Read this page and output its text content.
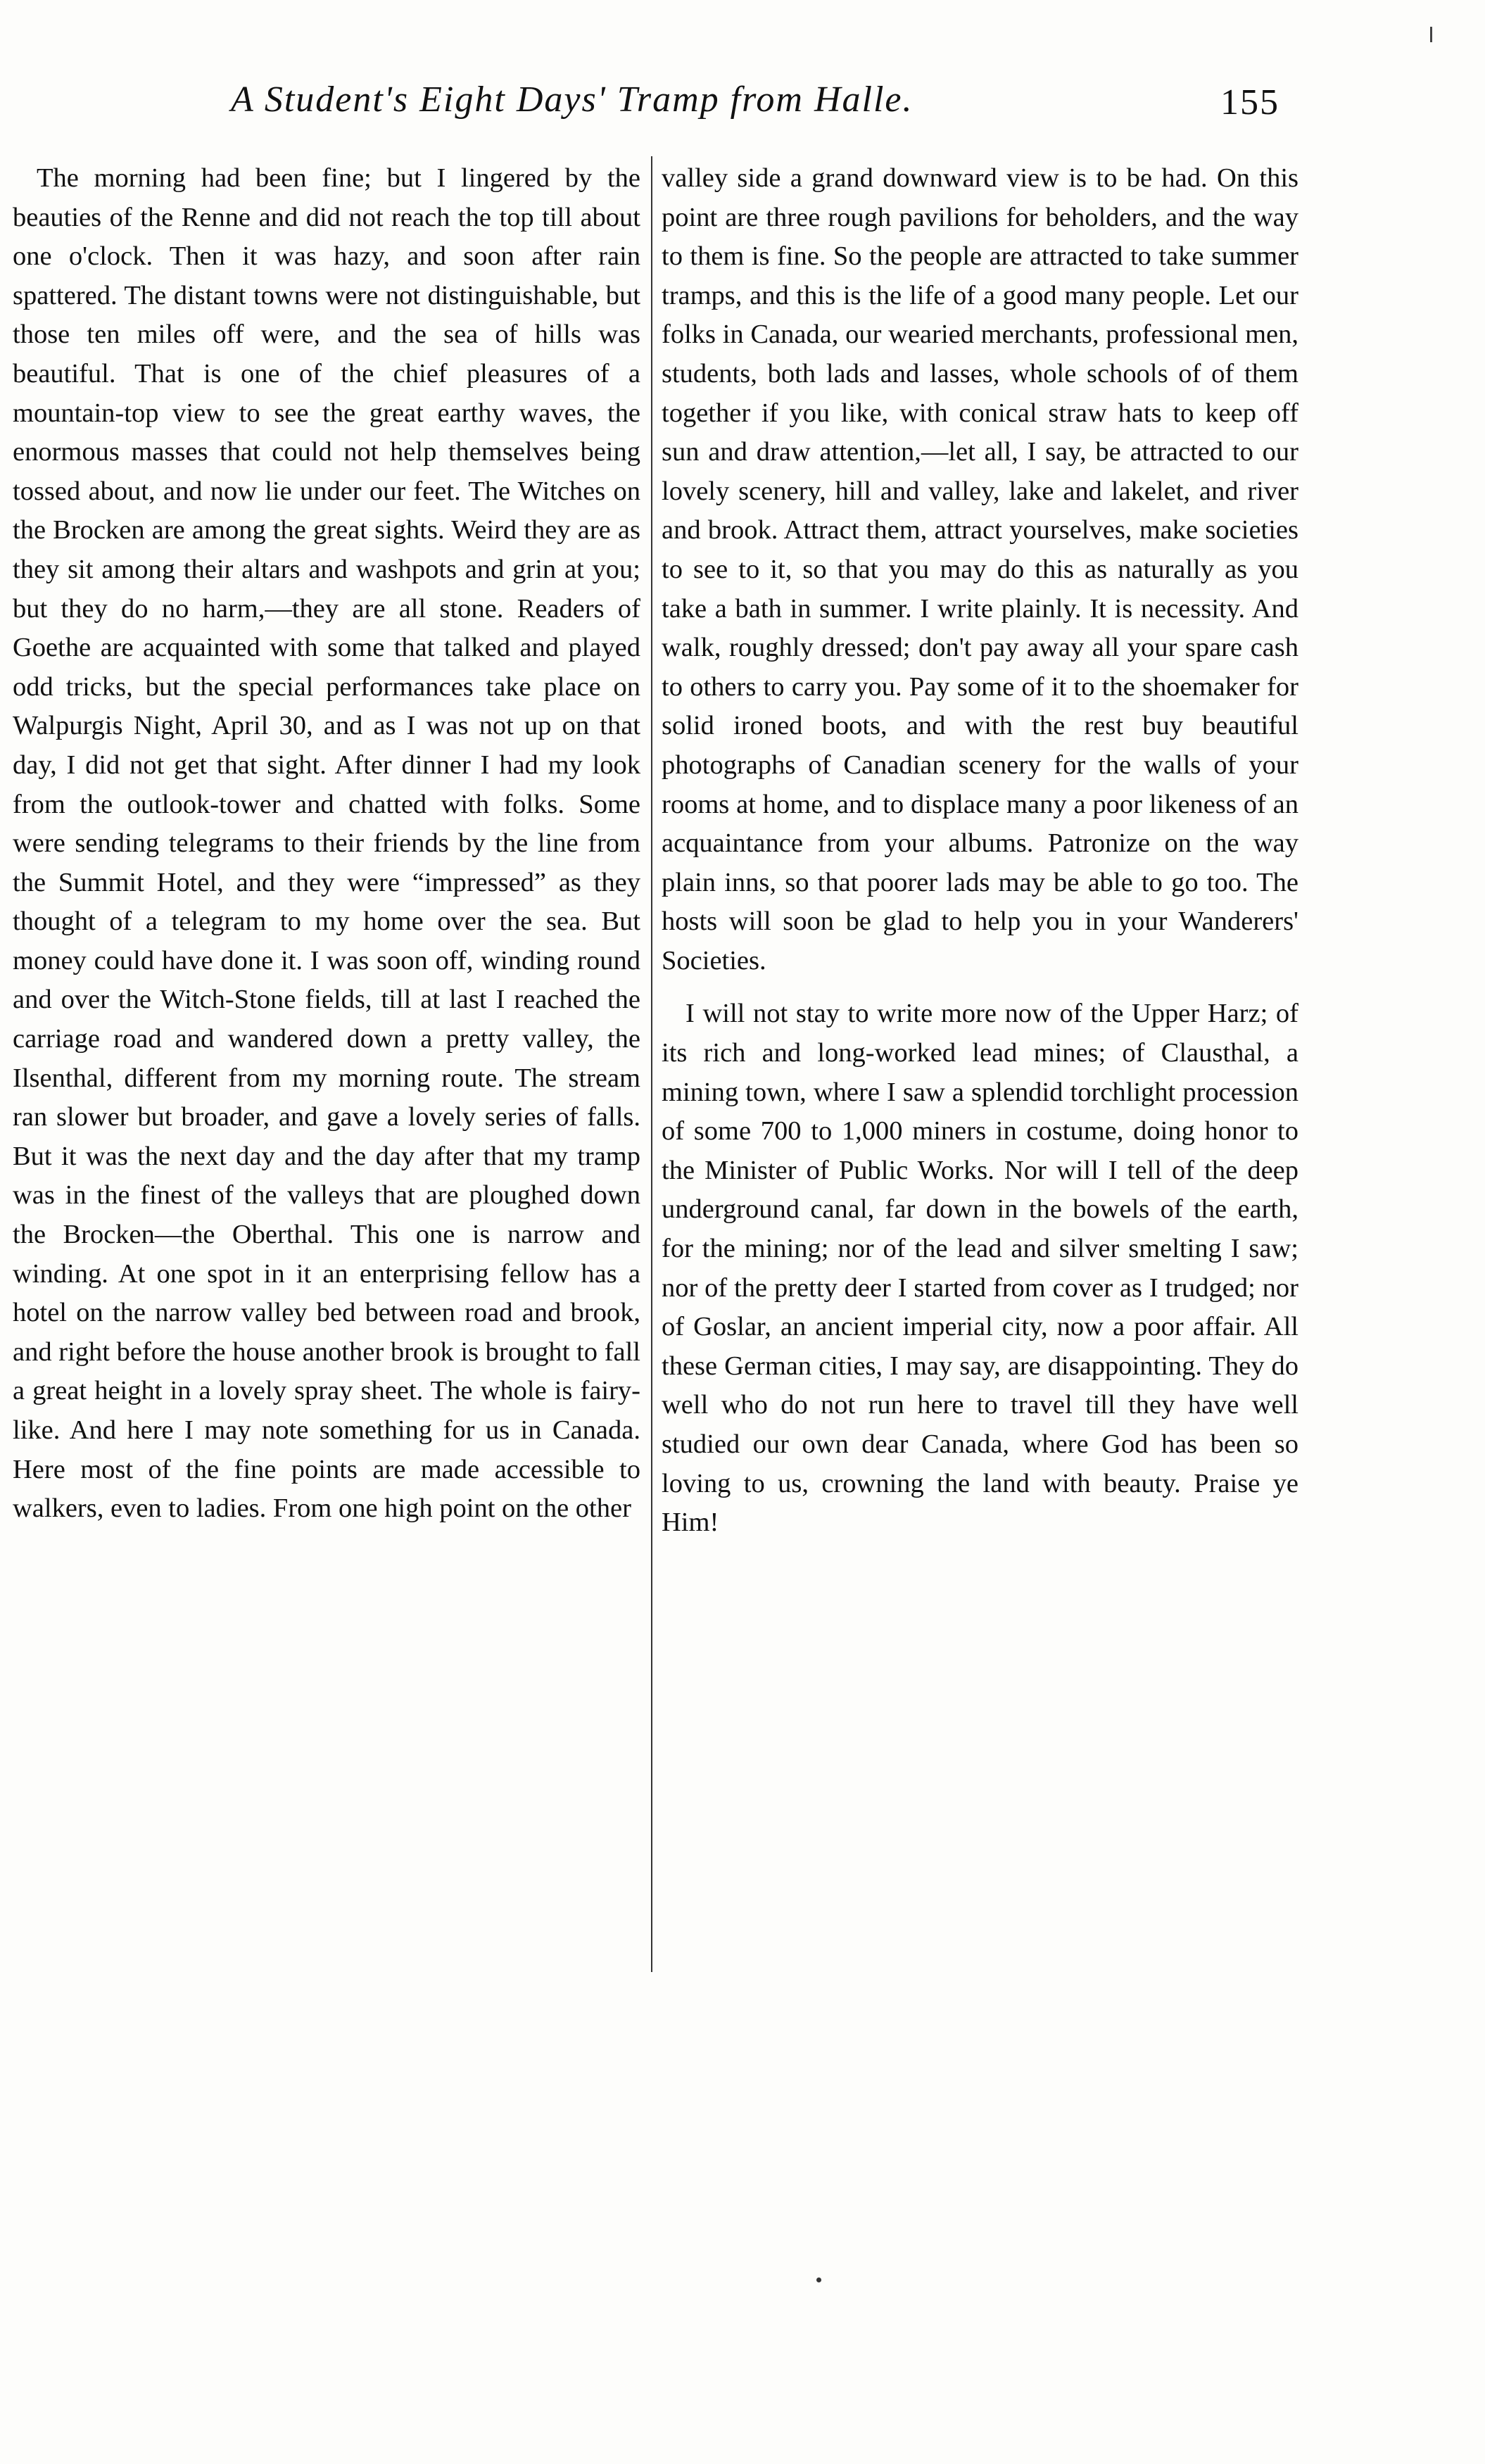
A Student's Eight Days' Tramp from Halle.	155

The morning had been fine; but I lingered by the beauties of the Renne and did not reach the top till about one o'clock. Then it was hazy, and soon after rain spattered. The distant towns were not distinguishable, but those ten miles off were, and the sea of hills was beautiful. That is one of the chief pleasures of a mountain-top view to see the great earthy waves, the enormous masses that could not help themselves being tossed about, and now lie under our feet. The Witches on the Brocken are among the great sights. Weird they are as they sit among their altars and washpots and grin at you; but they do no harm,—they are all stone. Readers of Goethe are acquainted with some that talked and played odd tricks, but the special performances take place on Walpurgis Night, April 30, and as I was not up on that day, I did not get that sight. After dinner I had my look from the outlook-tower and chatted with folks. Some were sending telegrams to their friends by the line from the Summit Hotel, and they were “impressed” as they thought of a telegram to my home over the sea. But money could have done it. I was soon off, winding round and over the Witch-Stone fields, till at last I reached the carriage road and wandered down a pretty valley, the Ilsenthal, different from my morning route. The stream ran slower but broader, and gave a lovely series of falls. But it was the next day and the day after that my tramp was in the finest of the valleys that are ploughed down the Brocken—the Oberthal. This one is narrow and winding. At one spot in it an enterprising fellow has a hotel on the narrow valley bed between road and brook, and right before the house another brook is brought to fall a great height in a lovely spray sheet. The whole is fairy-like. And here I may note something for us in Canada. Here most of the fine points are made accessible to walkers, even to ladies. From one high point on the other

valley side a grand downward view is to be had. On this point are three rough pavilions for beholders, and the way to them is fine. So the people are attracted to take summer tramps, and this is the life of a good many people. Let our folks in Canada, our wearied merchants, professional men, students, both lads and lasses, whole schools of of them together if you like, with conical straw hats to keep off sun and draw attention,—let all, I say, be attracted to our lovely scenery, hill and valley, lake and lakelet, and river and brook. Attract them, attract yourselves, make societies to see to it, so that you may do this as naturally as you take a bath in summer. I write plainly. It is necessity. And walk, roughly dressed; don't pay away all your spare cash to others to carry you. Pay some of it to the shoemaker for solid ironed boots, and with the rest buy beautiful photographs of Canadian scenery for the walls of your rooms at home, and to displace many a poor likeness of an acquaintance from your albums. Patronize on the way plain inns, so that poorer lads may be able to go too. The hosts will soon be glad to help you in your Wanderers' Societies.

I will not stay to write more now of the Upper Harz; of its rich and long-worked lead mines; of Clausthal, a mining town, where I saw a splendid torchlight procession of some 700 to 1,000 miners in costume, doing honor to the Minister of Public Works. Nor will I tell of the deep underground canal, far down in the bowels of the earth, for the mining; nor of the lead and silver smelting I saw; nor of the pretty deer I started from cover as I trudged; nor of Goslar, an ancient imperial city, now a poor affair. All these German cities, I may say, are disappointing. They do well who do not run here to travel till they have well studied our own dear Canada, where God has been so loving to us, crowning the land with beauty. Praise ye Him!
